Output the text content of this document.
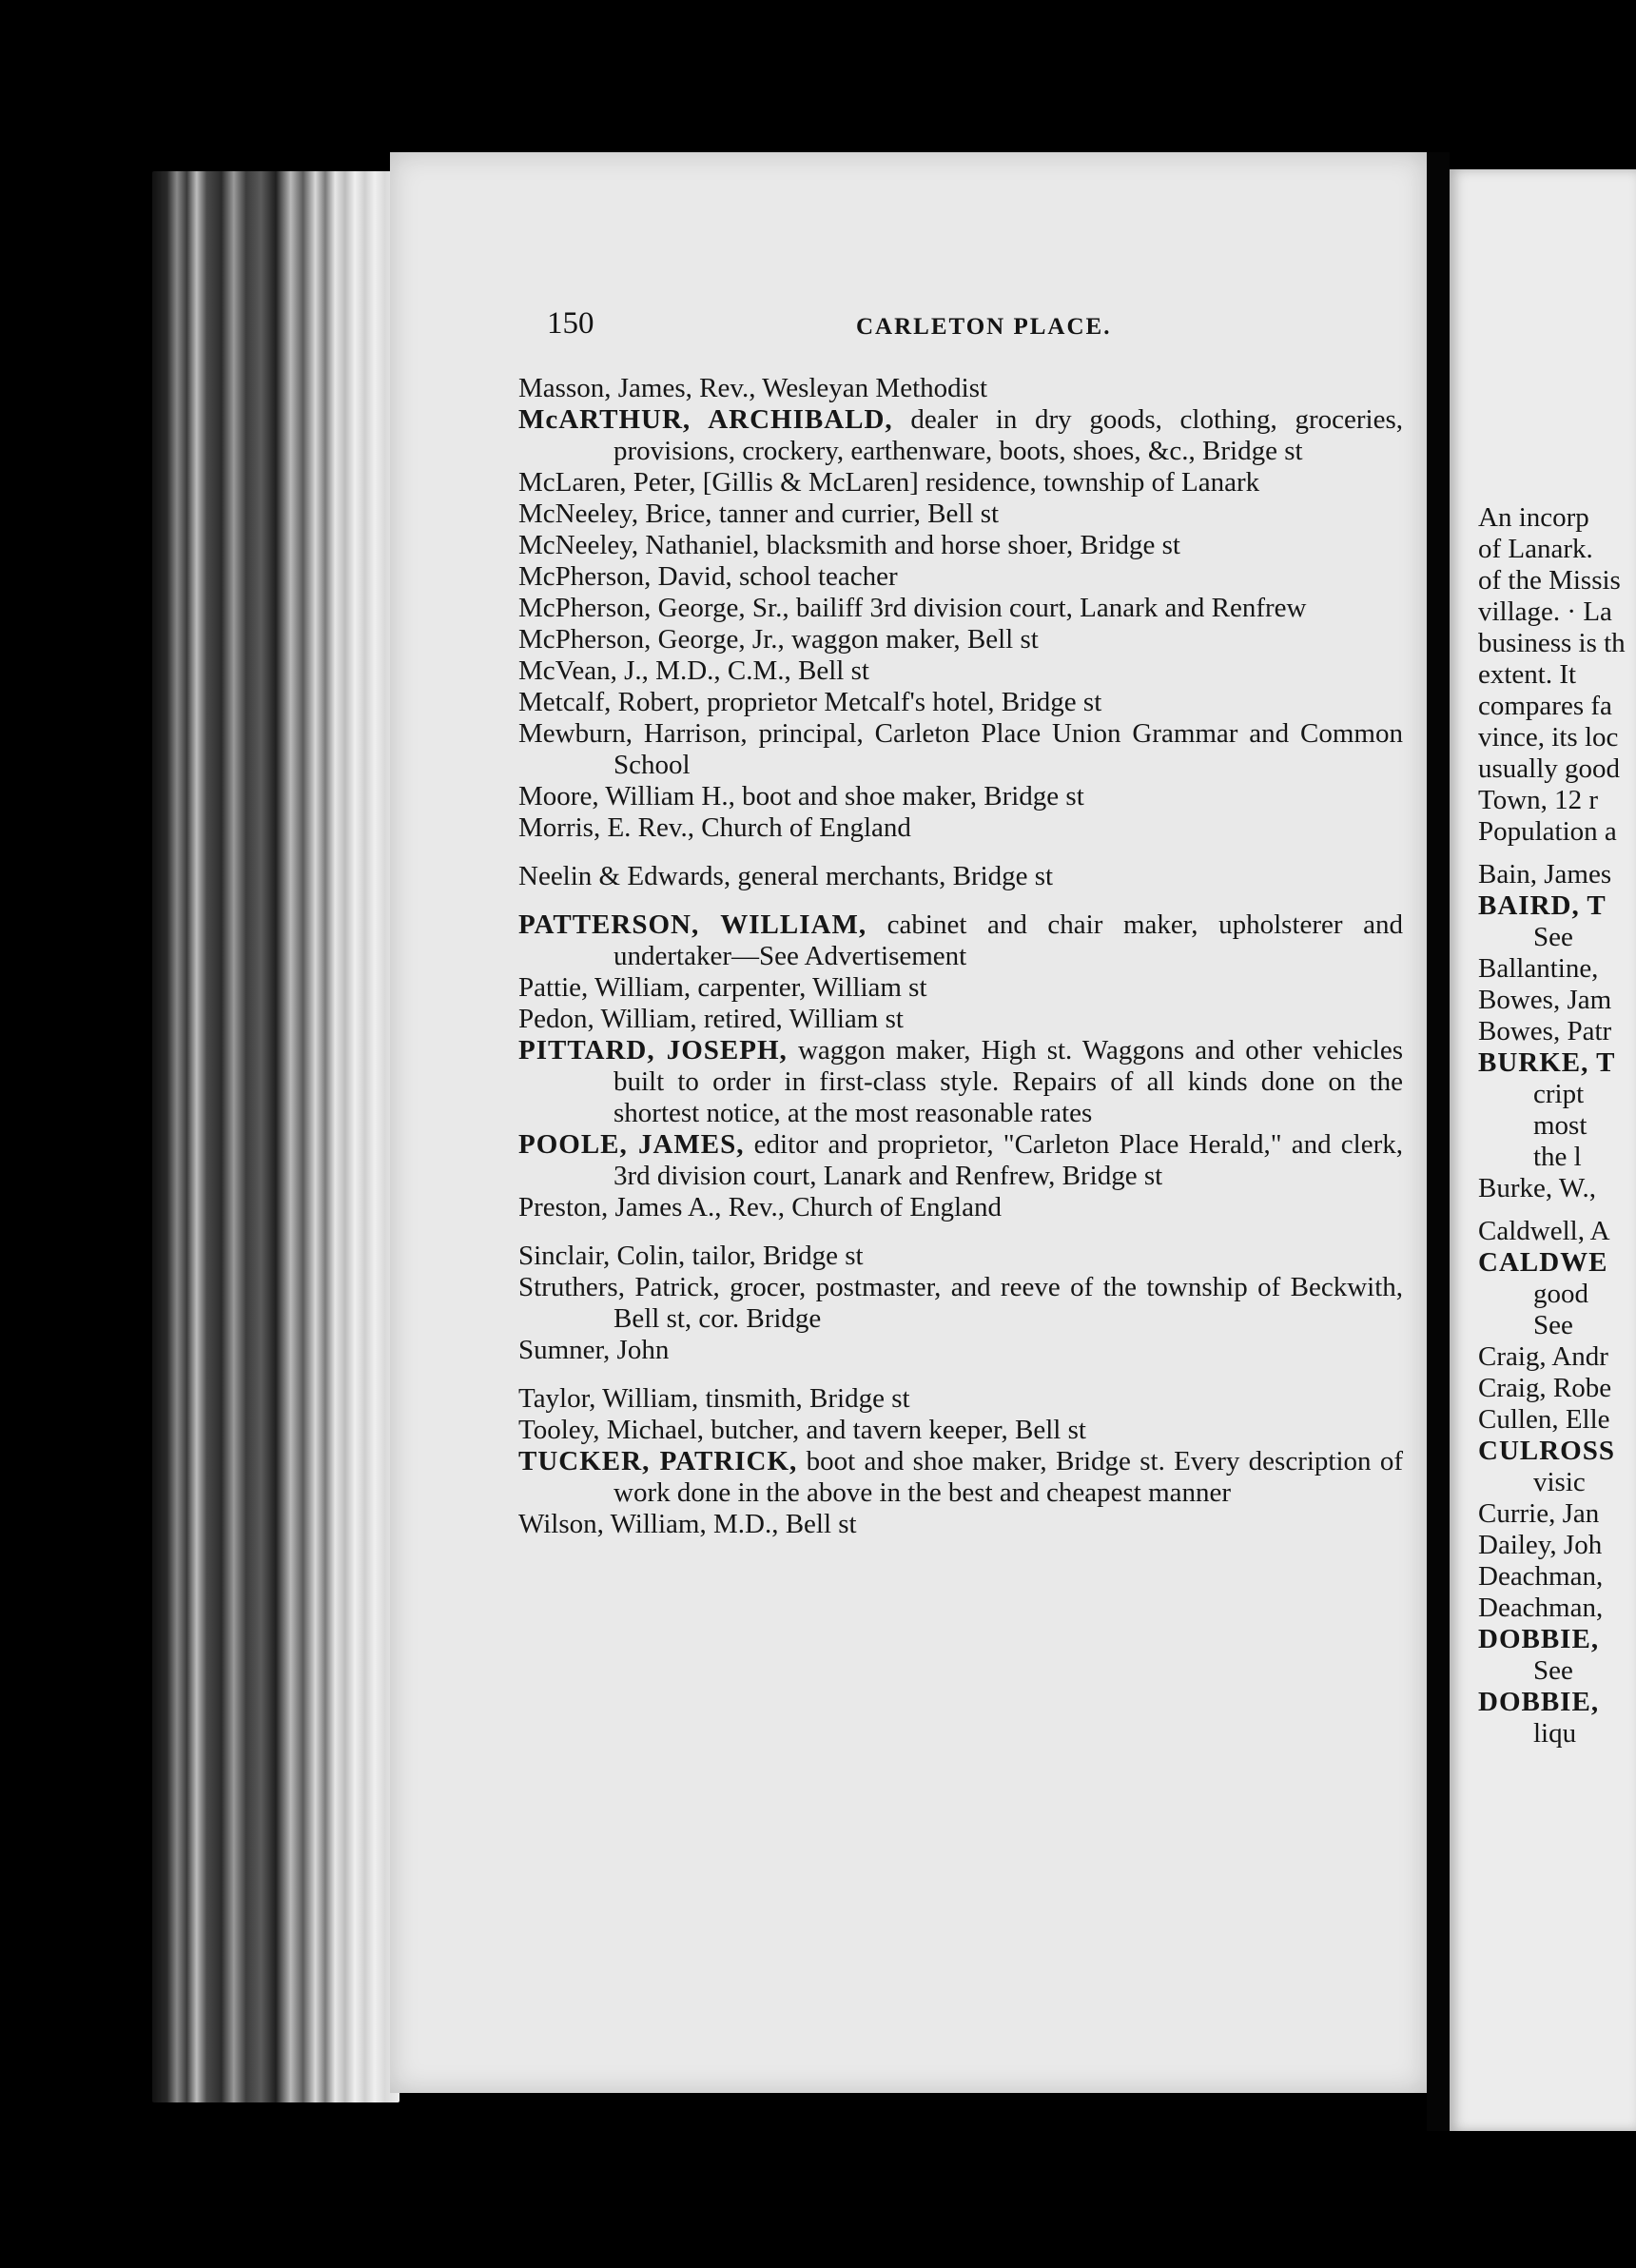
150	CARLETON PLACE.

Masson, James, Rev., Wesleyan Methodist

McARTHUR, ARCHIBALD, dealer in dry goods, clothing, groceries, provisions, crockery, earthenware, boots, shoes, &c., Bridge st

McLaren, Peter, [Gillis & McLaren] residence, township of Lanark

McNeeley, Brice, tanner and currier, Bell st

McNeeley, Nathaniel, blacksmith and horse shoer, Bridge st

McPherson, David, school teacher

McPherson, George, Sr., bailiff 3rd division court, Lanark and Renfrew

McPherson, George, Jr., waggon maker, Bell st

McVean, J., M.D., C.M., Bell st

Metcalf, Robert, proprietor Metcalf's hotel, Bridge st

Mewburn, Harrison, principal, Carleton Place Union Grammar and Common School

Moore, William H., boot and shoe maker, Bridge st

Morris, E. Rev., Church of England

Neelin & Edwards, general merchants, Bridge st

PATTERSON, WILLIAM, cabinet and chair maker, upholsterer and undertaker—See Advertisement

Pattie, William, carpenter, William st

Pedon, William, retired, William st

PITTARD, JOSEPH, waggon maker, High st. Waggons and other vehicles built to order in first-class style. Repairs of all kinds done on the shortest notice, at the most reasonable rates

POOLE, JAMES, editor and proprietor, "Carleton Place Herald," and clerk, 3rd division court, Lanark and Renfrew, Bridge st

Preston, James A., Rev., Church of England

Sinclair, Colin, tailor, Bridge st

Struthers, Patrick, grocer, postmaster, and reeve of the township of Beckwith, Bell st, cor. Bridge

Sumner, John

Taylor, William, tinsmith, Bridge st

Tooley, Michael, butcher, and tavern keeper, Bell st

TUCKER, PATRICK, boot and shoe maker, Bridge st. Every description of work done in the above in the best and cheapest manner

Wilson, William, M.D., Bell st

An incorp

of Lanark.

of the Missis

village. · La

business is th

extent. It

compares fa

vince, its loc

usually good

Town, 12 r

Population a

Bain, James

BAIRD, T

See

Ballantine,

Bowes, Jam

Bowes, Patr

BURKE, T

cript

most

the l

Burke, W.,

Caldwell, A

CALDWE

good

See

Craig, Andr

Craig, Robe

Cullen, Elle

CULROSS

visic

Currie, Jan

Dailey, Joh

Deachman,

Deachman,

DOBBIE,

See

DOBBIE,

liqu
